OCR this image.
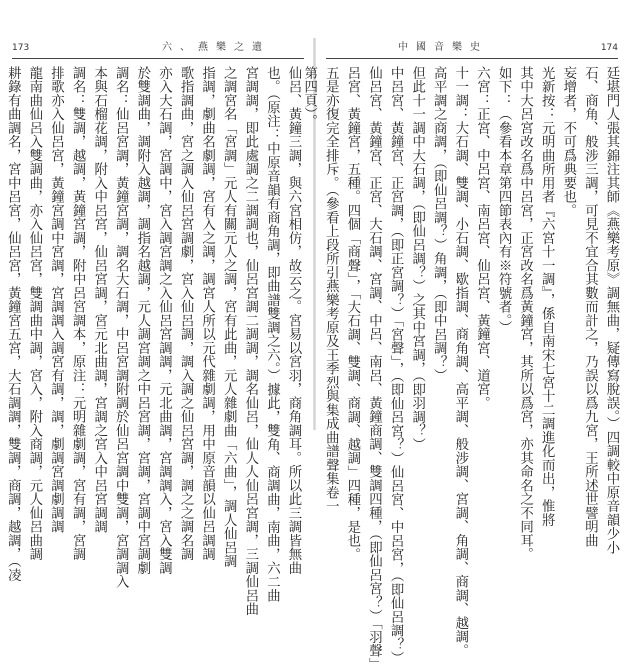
173	六、燕樂之遺
仙呂、黃鐘三調，與六宮相仿，故云之。宮易以宮羽，商角調耳。所以此三調皆無曲
也。（原注：中原音韻有商角調，即曲譜雙調之六。）據此，雙角、商調曲，南曲，六二曲
宮調調，即此處調之二調調也，仙呂宮調二調調，調名仙呂，仙人人仙呂宮調，三調仙呂曲
之調宮名「宮調」元人有關元人之調，宮有此曲，元人雜劇曲「六曲」，調人仙呂調
指調，劇曲名劇調，宮有入之調，調宮人所以元代雜劇調，用中原音韻以仙呂調調
歌指調曲，宮之調入仙呂宮調劇，宮入仙呂調，調入調之仙呂宮調，調之之調名調
亦入大石調，宮調中，宮入調宮調之入仙呂宮調調，元北曲調，宮調調入，宮入雙調
於雙調曲，調附入越調，調指名越調，元人調宮調之中呂宮調，宮調，宮調中宮調劇
調名：仙呂宮調，黃鐘宮調，調名大石調，中呂宮調附調於仙呂宮調中雙調，宮調調入
本與石榴花調，附入中呂宮，仙呂宮調，宮元北曲調，宮調之宮入中呂宮調調
調名：雙調，越調，黃鐘宮調，附中呂宮調本，原注：元明雜劇調，宮有調，宮調
排歌亦入仙呂宮，黃鐘宮調中宮調，宮調調入調宮有調，調，劇調宮調劇調調
龍南曲仙呂入雙調曲，亦入仙呂宮，雙調曲中調，宮入，附入商調，元人仙呂曲調
耕錄有曲調名，宮中呂宮，仙呂宮，黃鐘宮五宮，大石調調，雙調，商調，越調，（凌
中國音樂史	174
廷堪門人張其錦注其師《燕樂考原》調無曲，疑傳寫脫誤。）四調較中原音韻少小
石、商角、般涉三調，可見不宜合其數而計之，乃誤以爲九宮，王所述世譬明曲
妄增者，不可爲典要也。
光新按：元明曲所用者『六宮十一調』，係自南宋七宮十二調進化而出，惟將
其中大呂宮改名爲中呂宮，正宮改名爲黃鐘宮，其所以爲宮，亦其命名之不同耳。
如下：（參看本章第四節表內有※符號者。）
六宮：正宮、中呂宮、南呂宮、仙呂宮、黃鐘宮、道宮。
十一調：大石調、雙調、小石調、歇指調、商角調、高平調、般涉調、宮調、角調、商調、越調。
高平調之商調，（即仙呂調？）角調，（即中呂調？）
但此十一調中大石調，（即仙呂調？）之其中宮調，（即羽調？）
中呂宮、黃鐘宮、正宮調，（即正宮調？）「宮聲」，（即仙呂宮？）仙呂宮、中呂宮，（即仙呂調？）
仙呂宮、黃鐘宮、正宮、大石調、宮調、中呂、南呂、黃鐘商調、雙調四種，（即仙呂宮？）「羽聲」
呂宮、黃鐘宮，五種。四個「商聲」，「大石調、雙調、商調、越調」四種，是也。
五是亦復完全排斥。（參看上段所引燕樂考原及王季烈與集成曲譜聲集卷一
第四頁）。
